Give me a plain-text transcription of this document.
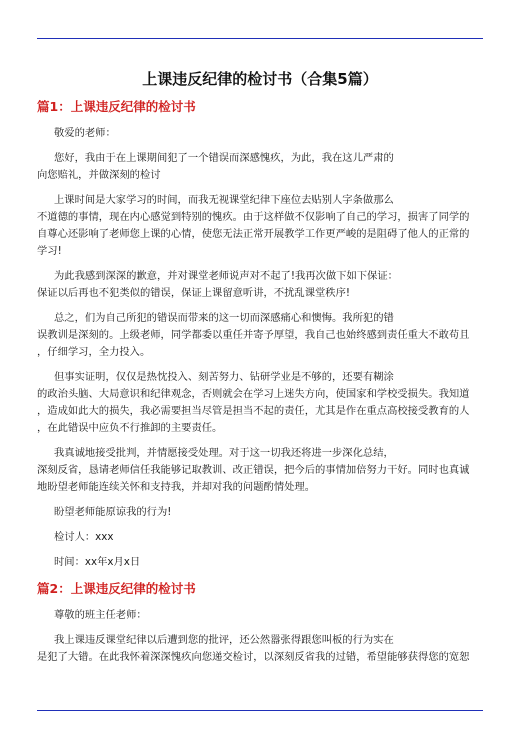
上课违反纪律的检讨书（合集5篇）
篇1：上课违反纪律的检讨书
敬爱的老师：
您好，我由于在上课期间犯了一个错误而深感愧疚，为此，我在这儿严肃的
向您赔礼，并做深刻的检讨
上课时间是大家学习的时间，而我无视课堂纪律下座位去贴别人字条做那么
不道德的事情，现在内心感觉到特别的愧疚。由于这样做不仅影响了自己的学习，损害了同学的
自尊心还影响了老师您上课的心情，使您无法正常开展教学工作更严峻的是阻碍了他人的正常的
学习!
为此我感到深深的歉意，并对课堂老师说声对不起了!我再次做下如下保证：
保证以后再也不犯类似的错误，保证上课留意听讲，不扰乱课堂秩序!
总之，们为自己所犯的错误而带来的这一切而深感痛心和懊悔。我所犯的错
误教训是深刻的。上级老师，同学都委以重任并寄予厚望，我自己也始终感到责任重大不敢苟且
，仔细学习，全力投入。
但事实证明，仅仅是热忱投入、刻苦努力、钻研学业是不够的，还要有糊涂
的政治头脑、大局意识和纪律观念，否则就会在学习上迷失方向，使国家和学校受损失。我知道
，造成如此大的损失，我必需要担当尽管是担当不起的责任，尤其是作在重点高校接受教育的人
，在此错误中应负不行推卸的主要责任。
我真诚地接受批判，并情愿接受处理。对于这一切我还将进一步深化总结，
深刻反省，恳请老师信任我能够记取教训、改正错误，把今后的事情加倍努力干好。同时也真诚
地盼望老师能连续关怀和支持我，并却对我的问题酌情处理。
盼望老师能原谅我的行为!
检讨人：xxx
时间：xx年x月x日
篇2：上课违反纪律的检讨书
尊敬的班主任老师：
我上课违反课堂纪律以后遭到您的批评，还公然嚣张得跟您叫板的行为实在
是犯了大错。在此我怀着深深愧疚向您递交检讨，以深刻反省我的过错，希望能够获得您的宽恕
